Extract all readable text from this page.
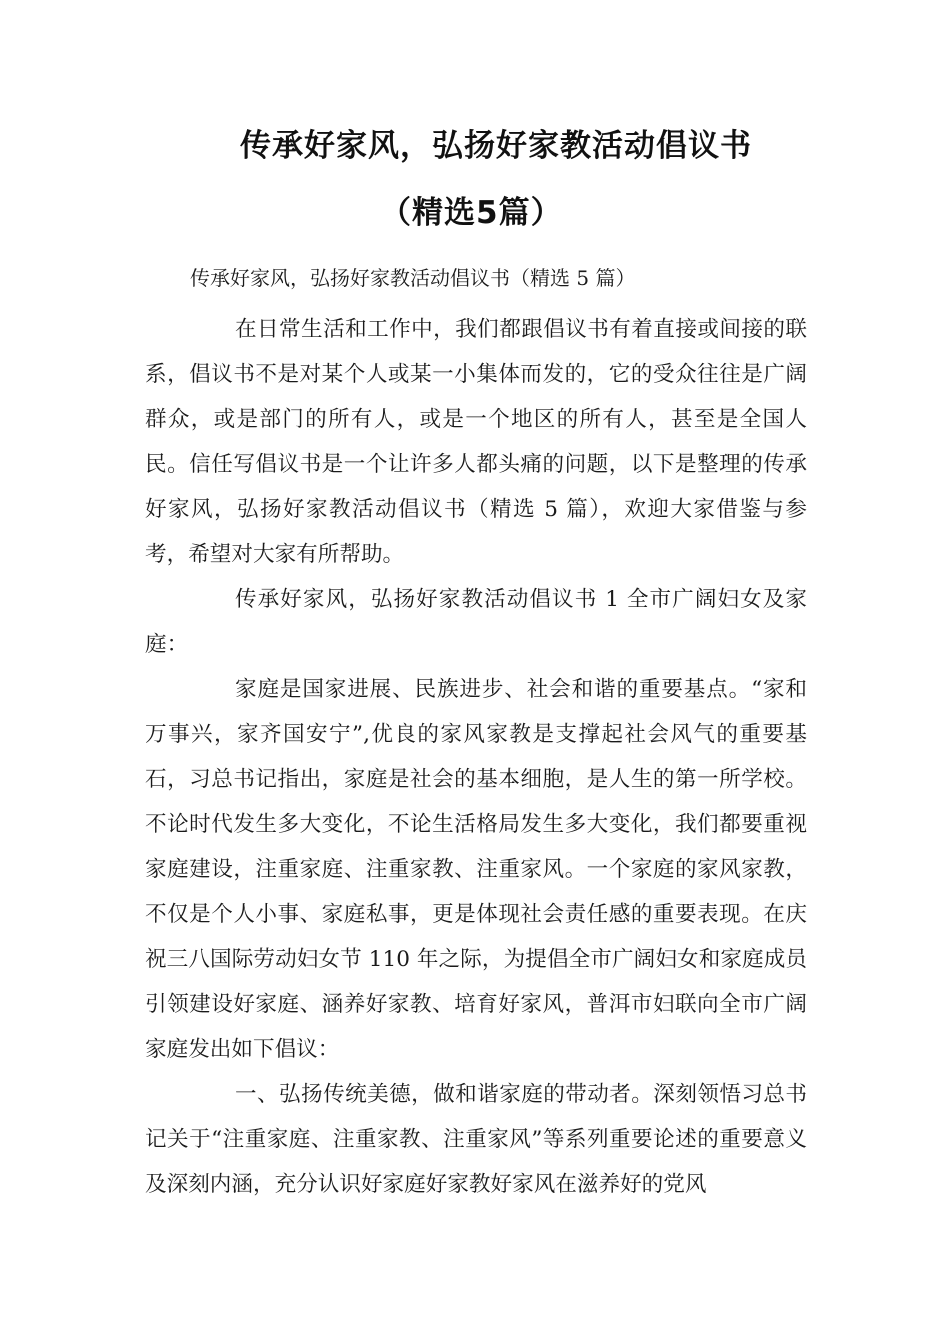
传承好家风，弘扬好家教活动倡议书
（精选5篇）
传承好家风，弘扬好家教活动倡议书（精选 5 篇）

在日常生活和工作中，我们都跟倡议书有着直接或间接的联系，倡议书不是对某个人或某一小集体而发的，它的受众往往是广阔群众，或是部门的所有人，或是一个地区的所有人，甚至是全国人民。信任写倡议书是一个让许多人都头痛的问题，以下是整理的传承好家风，弘扬好家教活动倡议书（精选 5 篇），欢迎大家借鉴与参考，希望对大家有所帮助。

传承好家风，弘扬好家教活动倡议书 1 全市广阔妇女及家庭：

家庭是国家进展、民族进步、社会和谐的重要基点。“家和万事兴，家齐国安宁”,优良的家风家教是支撑起社会风气的重要基石，习总书记指出，家庭是社会的基本细胞，是人生的第一所学校。不论时代发生多大变化，不论生活格局发生多大变化，我们都要重视家庭建设，注重家庭、注重家教、注重家风。一个家庭的家风家教，不仅是个人小事、家庭私事，更是体现社会责任感的重要表现。在庆祝三八国际劳动妇女节 110 年之际，为提倡全市广阔妇女和家庭成员引领建设好家庭、涵养好家教、培育好家风，普洱市妇联向全市广阔家庭发出如下倡议：

一、弘扬传统美德，做和谐家庭的带动者。深刻领悟习总书记关于“注重家庭、注重家教、注重家风”等系列重要论述的重要意义及深刻内涵，充分认识好家庭好家教好家风在滋养好的党风
